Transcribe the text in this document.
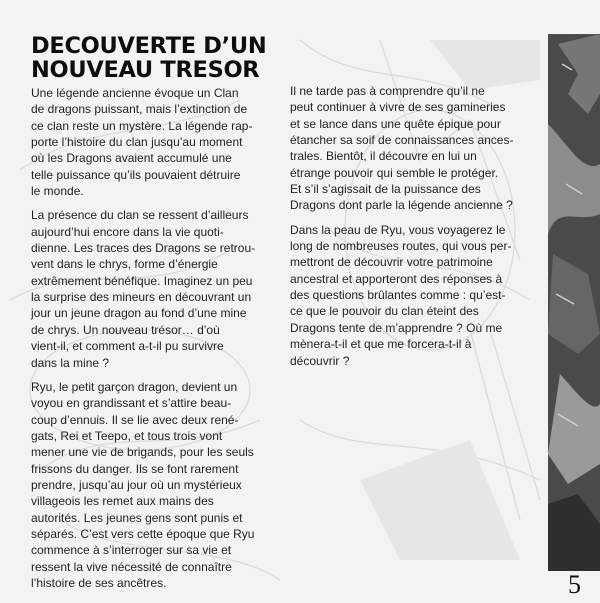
DECOUVERTE D’UN
NOUVEAU TRESOR

Une légende ancienne évoque un Clan
de dragons puissant, mais l’extinction de
ce clan reste un mystère. La légende rap-
porte l’histoire du clan jusqu’au moment
où les Dragons avaient accumulé une
telle puissance qu’ils pouvaient détruire
le monde.

La présence du clan se ressent d’ailleurs
aujourd’hui encore dans la vie quoti-
dienne. Les traces des Dragons se retrou-
vent dans le chrys, forme d’énergie
extrêmement bénéfique. Imaginez un peu
la surprise des mineurs en découvrant un
jour un jeune dragon au fond d’une mine
de chrys. Un nouveau trésor… d’où
vient-il, et comment a-t-il pu survivre
dans la mine ?

Ryu, le petit garçon dragon, devient un
voyou en grandissant et s’attire beau-
coup d’ennuis. Il se lie avec deux rené-
gats, Rei et Teepo, et tous trois vont
mener une vie de brigands, pour les seuls
frissons du danger. Ils se font rarement
prendre, jusqu’au jour où un mystérieux
villageois les remet aux mains des
autorités. Les jeunes gens sont punis et
séparés. C’est vers cette époque que Ryu
commence à s’interroger sur sa vie et
ressent la vive nécessité de connaître
l’histoire de ses ancêtres.

Il ne tarde pas à comprendre qu’il ne
peut continuer à vivre de ses gamineries
et se lance dans une quête épique pour
étancher sa soif de connaissances ances-
trales. Bientôt, il découvre en lui un
étrange pouvoir qui semble le protéger.
Et s’il s’agissait de la puissance des
Dragons dont parle la légende ancienne ?

Dans la peau de Ryu, vous voyagerez le
long de nombreuses routes, qui vous per-
mettront de découvrir votre patrimoine
ancestral et apporteront des réponses à
des questions brûlantes comme : qu’est-
ce que le pouvoir du clan éteint des
Dragons tente de m’apprendre ? Où me
mènera-t-il et que me forcera-t-il à
découvrir ?

5
